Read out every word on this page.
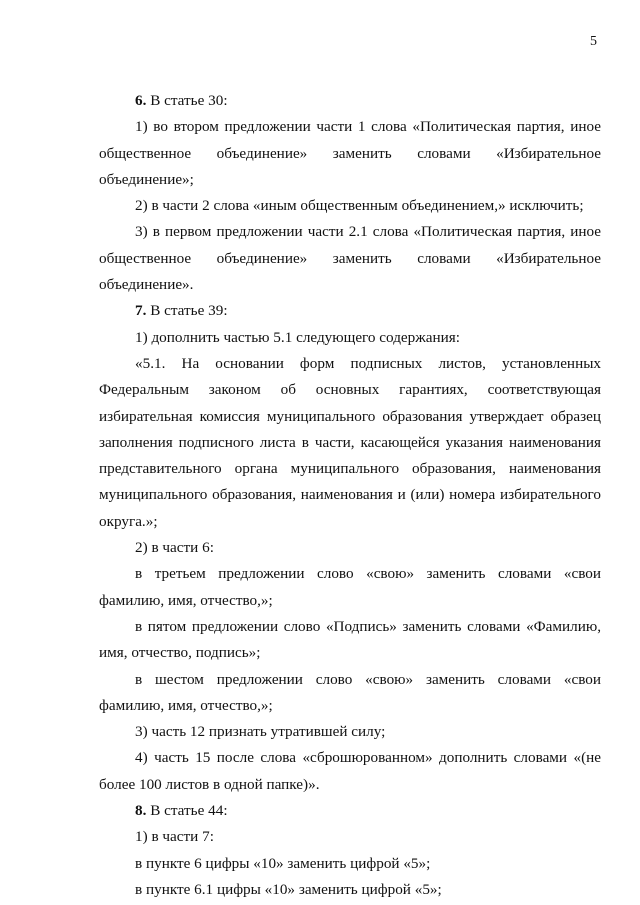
5

6. В статье 30:

1) во втором предложении части 1 слова «Политическая партия, иное общественное объединение» заменить словами «Избирательное объединение»;

2) в части 2 слова «иным общественным объединением,» исключить;

3) в первом предложении части 2.1 слова «Политическая партия, иное общественное объединение» заменить словами «Избирательное объединение».

7. В статье 39:

1) дополнить частью 5.1 следующего содержания:

«5.1. На основании форм подписных листов, установленных Федеральным законом об основных гарантиях, соответствующая избирательная комиссия муниципального образования утверждает образец заполнения подписного листа в части, касающейся указания наименования представительного органа муниципального образования, наименования муниципального образования, наименования и (или) номера избирательного округа.»;

2) в части 6:

в третьем предложении слово «свою» заменить словами «свои фамилию, имя, отчество,»;

в пятом предложении слово «Подпись» заменить словами «Фамилию, имя, отчество, подпись»;

в шестом предложении слово «свою» заменить словами «свои фамилию, имя, отчество,»;

3) часть 12 признать утратившей силу;

4) часть 15 после слова «сброшюрованном» дополнить словами «(не более 100 листов в одной папке)».

8. В статье 44:

1) в части 7:

в пункте 6 цифры «10» заменить цифрой «5»;

в пункте 6.1 цифры «10» заменить цифрой «5»;
